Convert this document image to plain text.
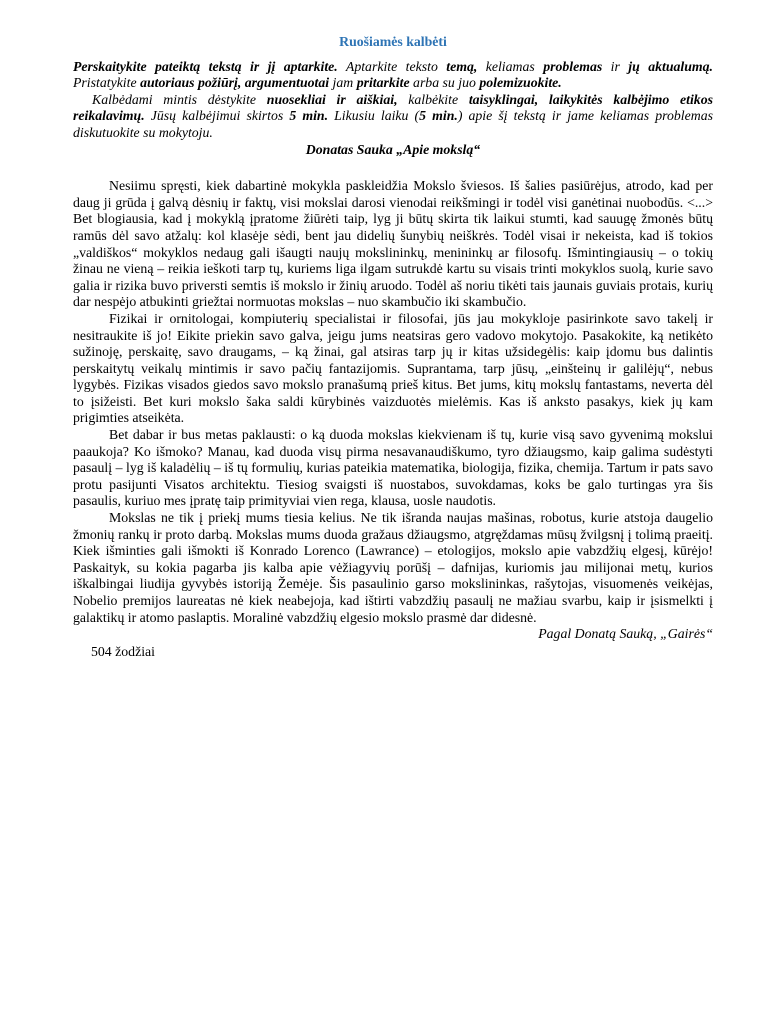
Ruošiamės kalbėti

Perskaitykite pateiktą tekstą ir jį aptarkite. Aptarkite teksto temą, keliamas problemas ir jų aktualumą. Pristatykite autoriaus požiūrį, argumentuotai jam pritarkite arba su juo polemizuokite.

Kalbėdami mintis dėstykite nuosekliai ir aiškiai, kalbėkite taisyklingai, laikykitės kalbėjimo etikos reikalavimų. Jūsų kalbėjimui skirtos 5 min. Likusiu laiku (5 min.) apie šį tekstą ir jame keliamas problemas diskutuokite su mokytoju.

Donatas Sauka „Apie mokslą“

Nesiimu spręsti, kiek dabartinė mokykla paskleidžia Mokslo šviesos. Iš šalies pasiūrėjus, atrodo, kad per daug ji grūda į galvą dėsnių ir faktų, visi mokslai darosi vienodai reikšmingi ir todėl visi ganėtinai nuobodūs. <...> Bet blogiausia, kad į mokyklą įpratome žiūrėti taip, lyg ji būtų skirta tik laikui stumti, kad sauugę žmonės būtų ramūs dėl savo atžalų: kol klasėje sėdi, bent jau didelių šunybių neiškrės. Todėl visai ir nekeista, kad iš tokios „valdiškos“ mokyklos nedaug gali išaugti naujų mokslininkų, menininkų ar filosofų. Išmintingiausių – o tokių žinau ne vieną – reikia ieškoti tarp tų, kuriems liga ilgam sutrukdė kartu su visais trinti mokyklos suolą, kurie savo galia ir rizika buvo priversti semtis iš mokslo ir žinių aruodo. Todėl aš noriu tikėti tais jaunais guviais protais, kurių dar nespėjo atbukinti griežtai normuotas mokslas – nuo skambučio iki skambučio.

Fizikai ir ornitologai, kompiuterių specialistai ir filosofai, jūs jau mokykloje pasirinkote savo takelį ir nesitraukite iš jo! Eikite priekin savo galva, jeigu jums neatsiras gero vadovo mokytojo. Pasakokite, ką netikėto sužinoję, perskaitę, savo draugams, – ką žinai, gal atsiras tarp jų ir kitas užsidegėlis: kaip įdomu bus dalintis perskaitytų veikalų mintimis ir savo pačių fantazijomis. Suprantama, tarp jūsų, „einšteinų ir galilėjų“, nebus lygybės. Fizikas visados giedos savo mokslo pranašumą prieš kitus. Bet jums, kitų mokslų fantastams, neverta dėl to įsižeisti. Bet kuri mokslo šaka saldi kūrybinės vaizduotės mielėmis. Kas iš anksto pasakys, kiek jų kam prigimties atseikėta.

Bet dabar ir bus metas paklausti: o ką duoda mokslas kiekvienam iš tų, kurie visą savo gyvenimą mokslui paaukoja? Ko išmoko? Manau, kad duoda visų pirma nesavanaudiškumo, tyro džiaugsmo, kaip galima sudėstyti pasaulį – lyg iš kaladėlių – iš tų formulių, kurias pateikia matematika, biologija, fizika, chemija. Tartum ir pats savo protu pasijunti Visatos architektu. Tiesiog svaigsti iš nuostabos, suvokdamas, koks be galo turtingas yra šis pasaulis, kuriuo mes įpratę taip primityviai vien rega, klausa, uosle naudotis.

Mokslas ne tik į priekį mums tiesia kelius. Ne tik išranda naujas mašinas, robotus, kurie atstoja daugelio žmonių rankų ir proto darbą. Mokslas mums duoda gražaus džiaugsmo, atgręždamas mūsų žvilgsnį į tolimą praeitį. Kiek išminties gali išmokti iš Konrado Lorenco (Lawrance) – etologijos, mokslo apie vabzdžių elgesį, kūrėjo! Paskaityk, su kokia pagarba jis kalba apie vėžiagyvių porūšį – dafnijas, kuriomis jau milijonai metų, kurios iškalbingai liudija gyvybės istoriją Žemėje. Šis pasaulinio garso mokslininkas, rašytojas, visuomenės veikėjas, Nobelio premijos laureatas nė kiek neabejoja, kad ištirti vabzdžių pasaulį ne mažiau svarbu, kaip ir įsismelkti į galaktikų ir atomo paslaptis. Moralinė vabzdžių elgesio mokslo prasmė dar didesnė.

Pagal Donatą Sauką, „Gairės“
504 žodžiai
